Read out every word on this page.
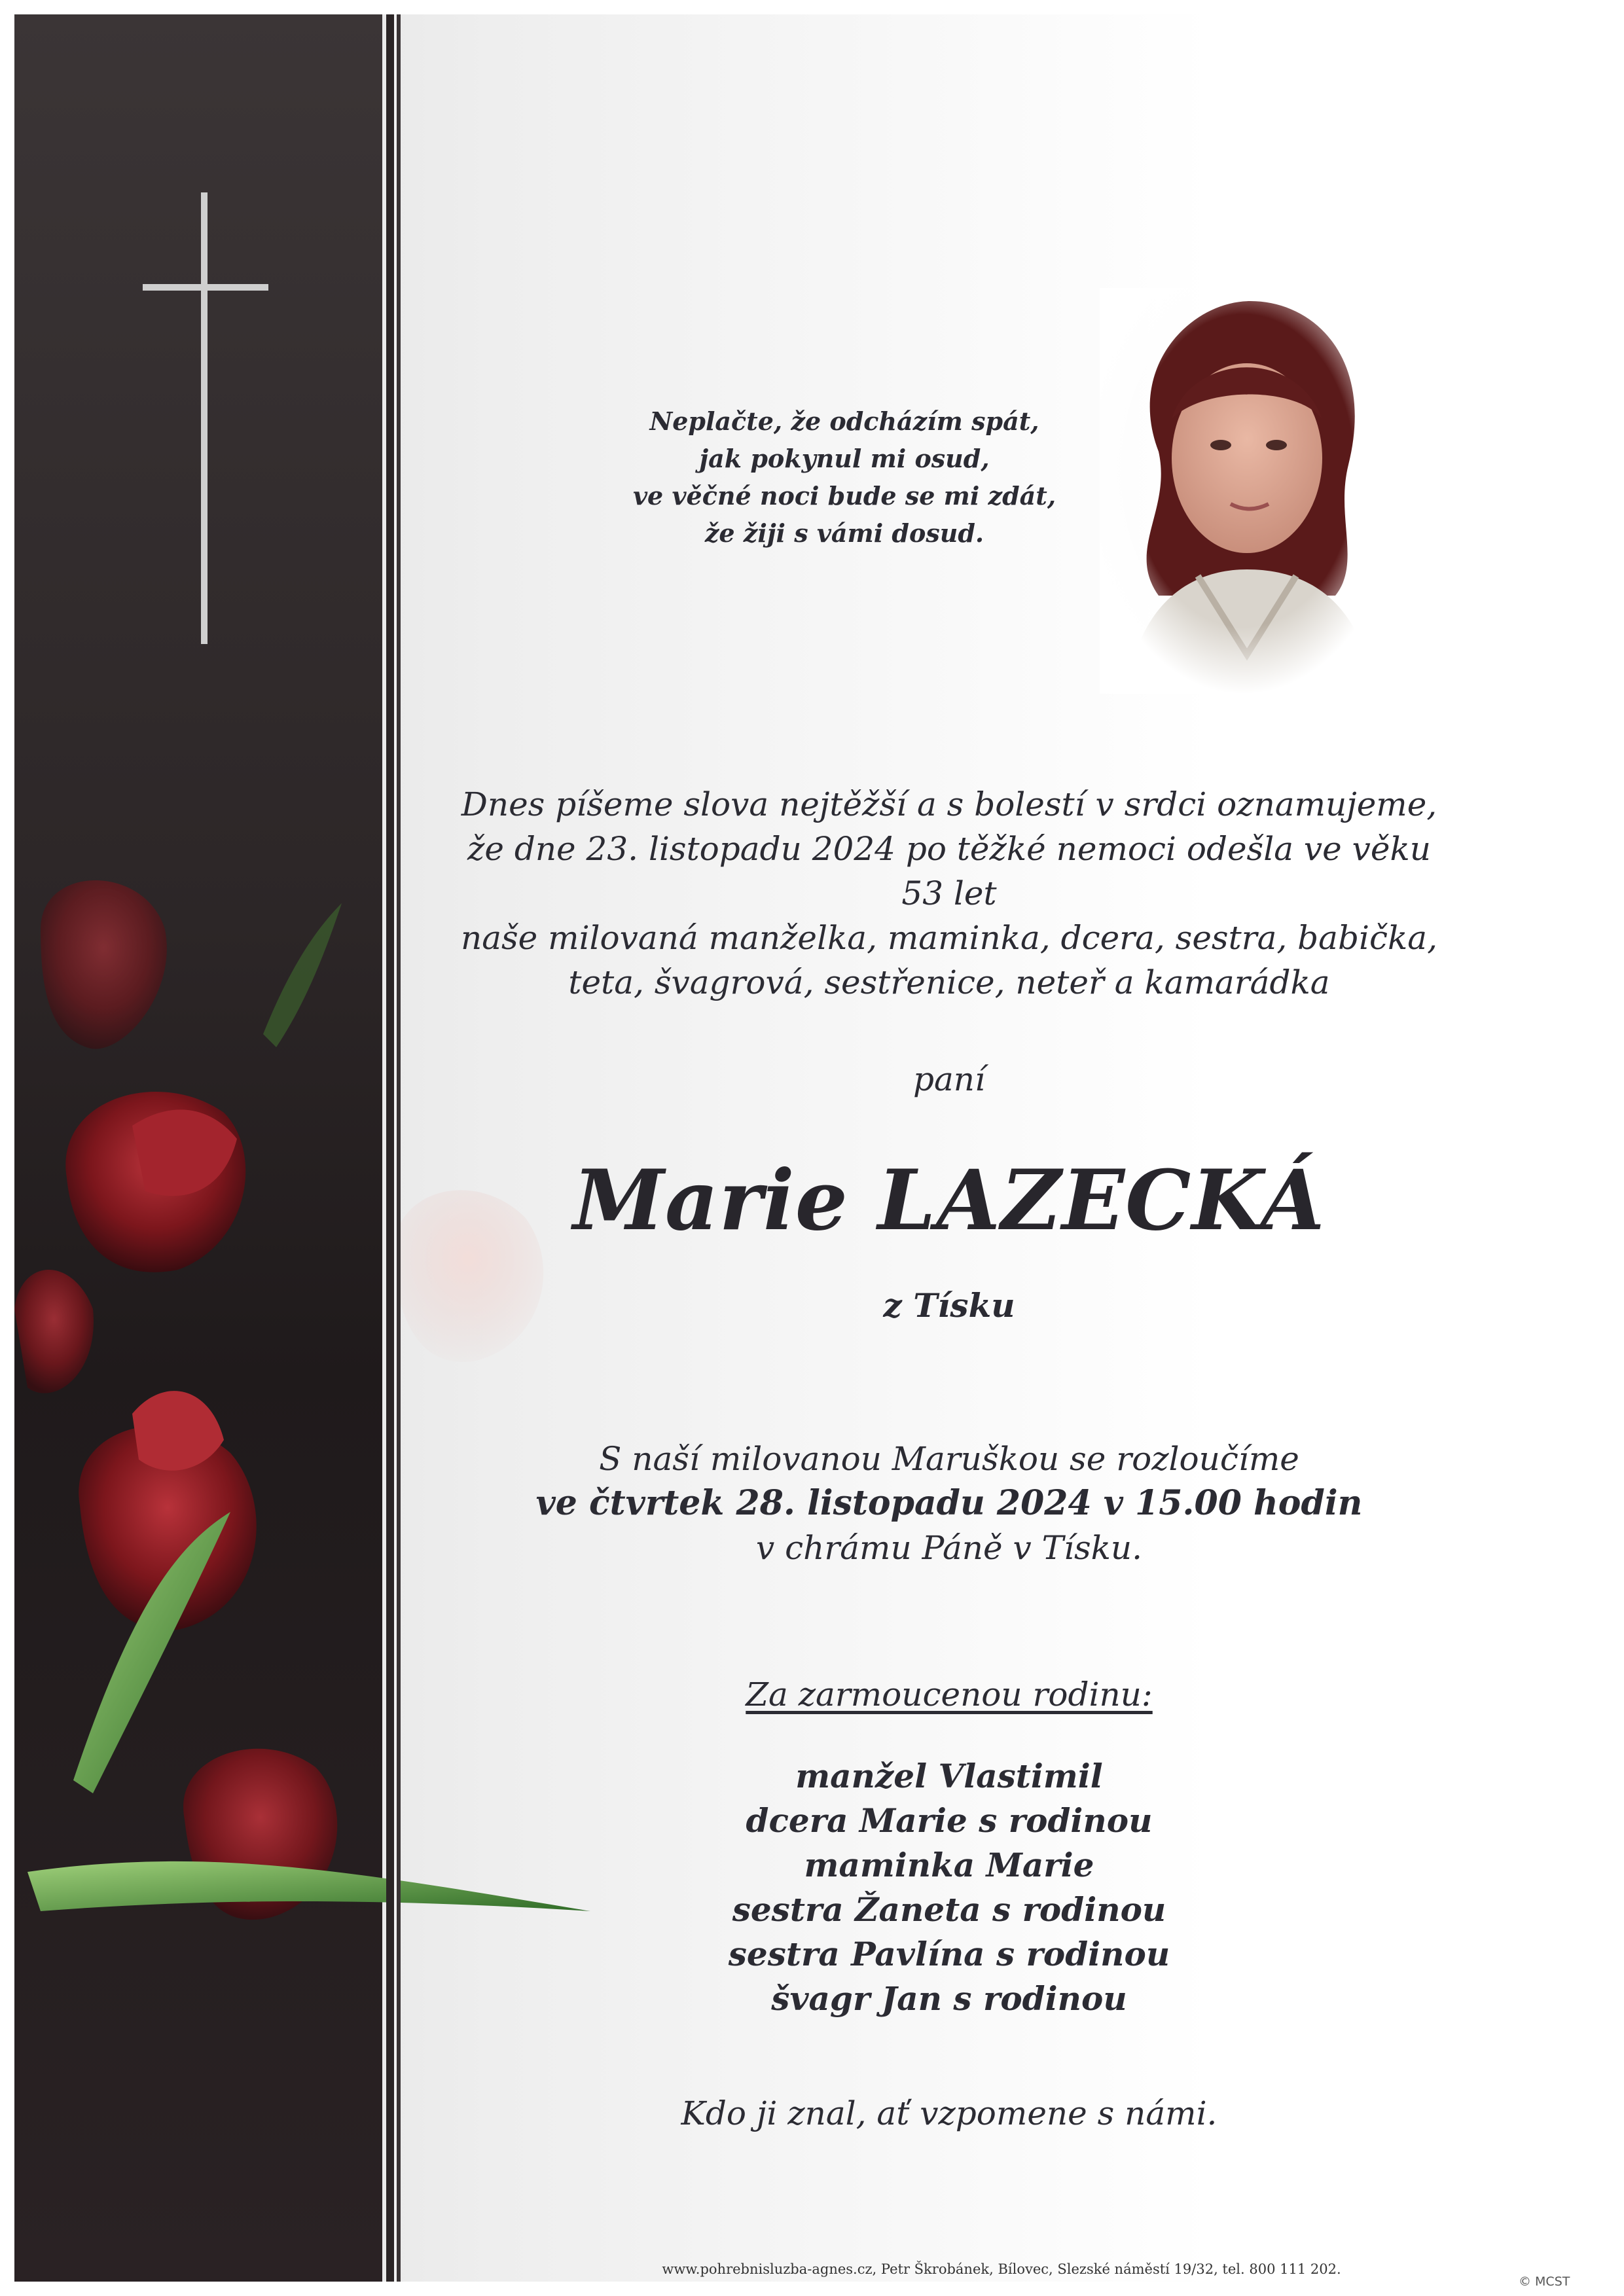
Neplačte, že odcházím spát,
jak pokynul mi osud,
ve věčné noci bude se mi zdát,
že žiji s vámi dosud.
Dnes píšeme slova nejtěžší a s bolestí v srdci oznamujeme,
že dne 23. listopadu 2024 po těžké nemoci odešla ve věku 53 let
naše milovaná manželka, maminka, dcera, sestra, babička,
teta, švagrová, sestřenice, neteř a kamarádka
paní
Marie LAZECKÁ
z Tísku
S naší milovanou Maruškou se rozloučíme
ve čtvrtek 28. listopadu 2024 v 15.00 hodin
v chrámu Páně v Tísku.
Za zarmoucenou rodinu:
manžel Vlastimil
dcera Marie s rodinou
maminka Marie
sestra Žaneta s rodinou
sestra Pavlína s rodinou
švagr Jan s rodinou
Kdo ji znal, ať vzpomene s námi.
www.pohrebnisluzba-agnes.cz, Petr Škrobánek, Bílovec, Slezské náměstí 19/32, tel. 800 111 202.
© MCST
